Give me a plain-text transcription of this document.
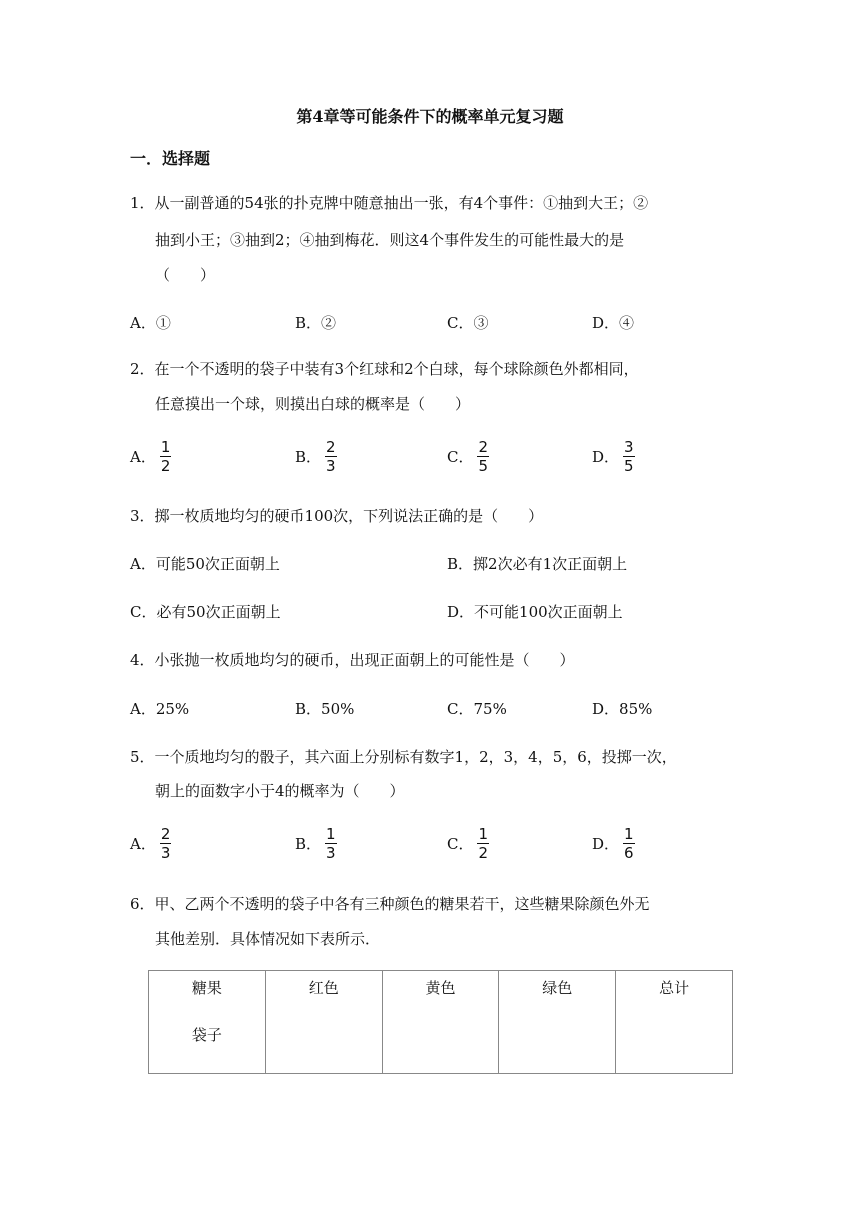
第4章等可能条件下的概率单元复习题
一．选择题
1．从一副普通的54张的扑克牌中随意抽出一张，有4个事件：①抽到大王；②
抽到小王；③抽到2；④抽到梅花．则这4个事件发生的可能性最大的是
（　　）
A．①	B．②	C．③	D．④
2．在一个不透明的袋子中装有3个红球和2个白球，每个球除颜色外都相同，
任意摸出一个球，则摸出白球的概率是（　　）
A． $\frac{1}{2}$	B． $\frac{2}{3}$	C． $\frac{2}{5}$	D． $\frac{3}{5}$
3．掷一枚质地均匀的硬币100次，下列说法正确的是（　　）
A．可能50次正面朝上	B．掷2次必有1次正面朝上
C．必有50次正面朝上	D．不可能100次正面朝上
4．小张抛一枚质地均匀的硬币，出现正面朝上的可能性是（　　）
A．25%	B．50%	C．75%	D．85%
5．一个质地均匀的骰子，其六面上分别标有数字1，2，3，4，5，6，投掷一次，
朝上的面数字小于4的概率为（　　）
A． $\frac{2}{3}$	B． $\frac{1}{3}$	C． $\frac{1}{2}$	D． $\frac{1}{6}$
6．甲、乙两个不透明的袋子中各有三种颜色的糖果若干，这些糖果除颜色外无
其他差别．具体情况如下表所示．
糖果
袋子
	红色	黄色	绿色	总计
